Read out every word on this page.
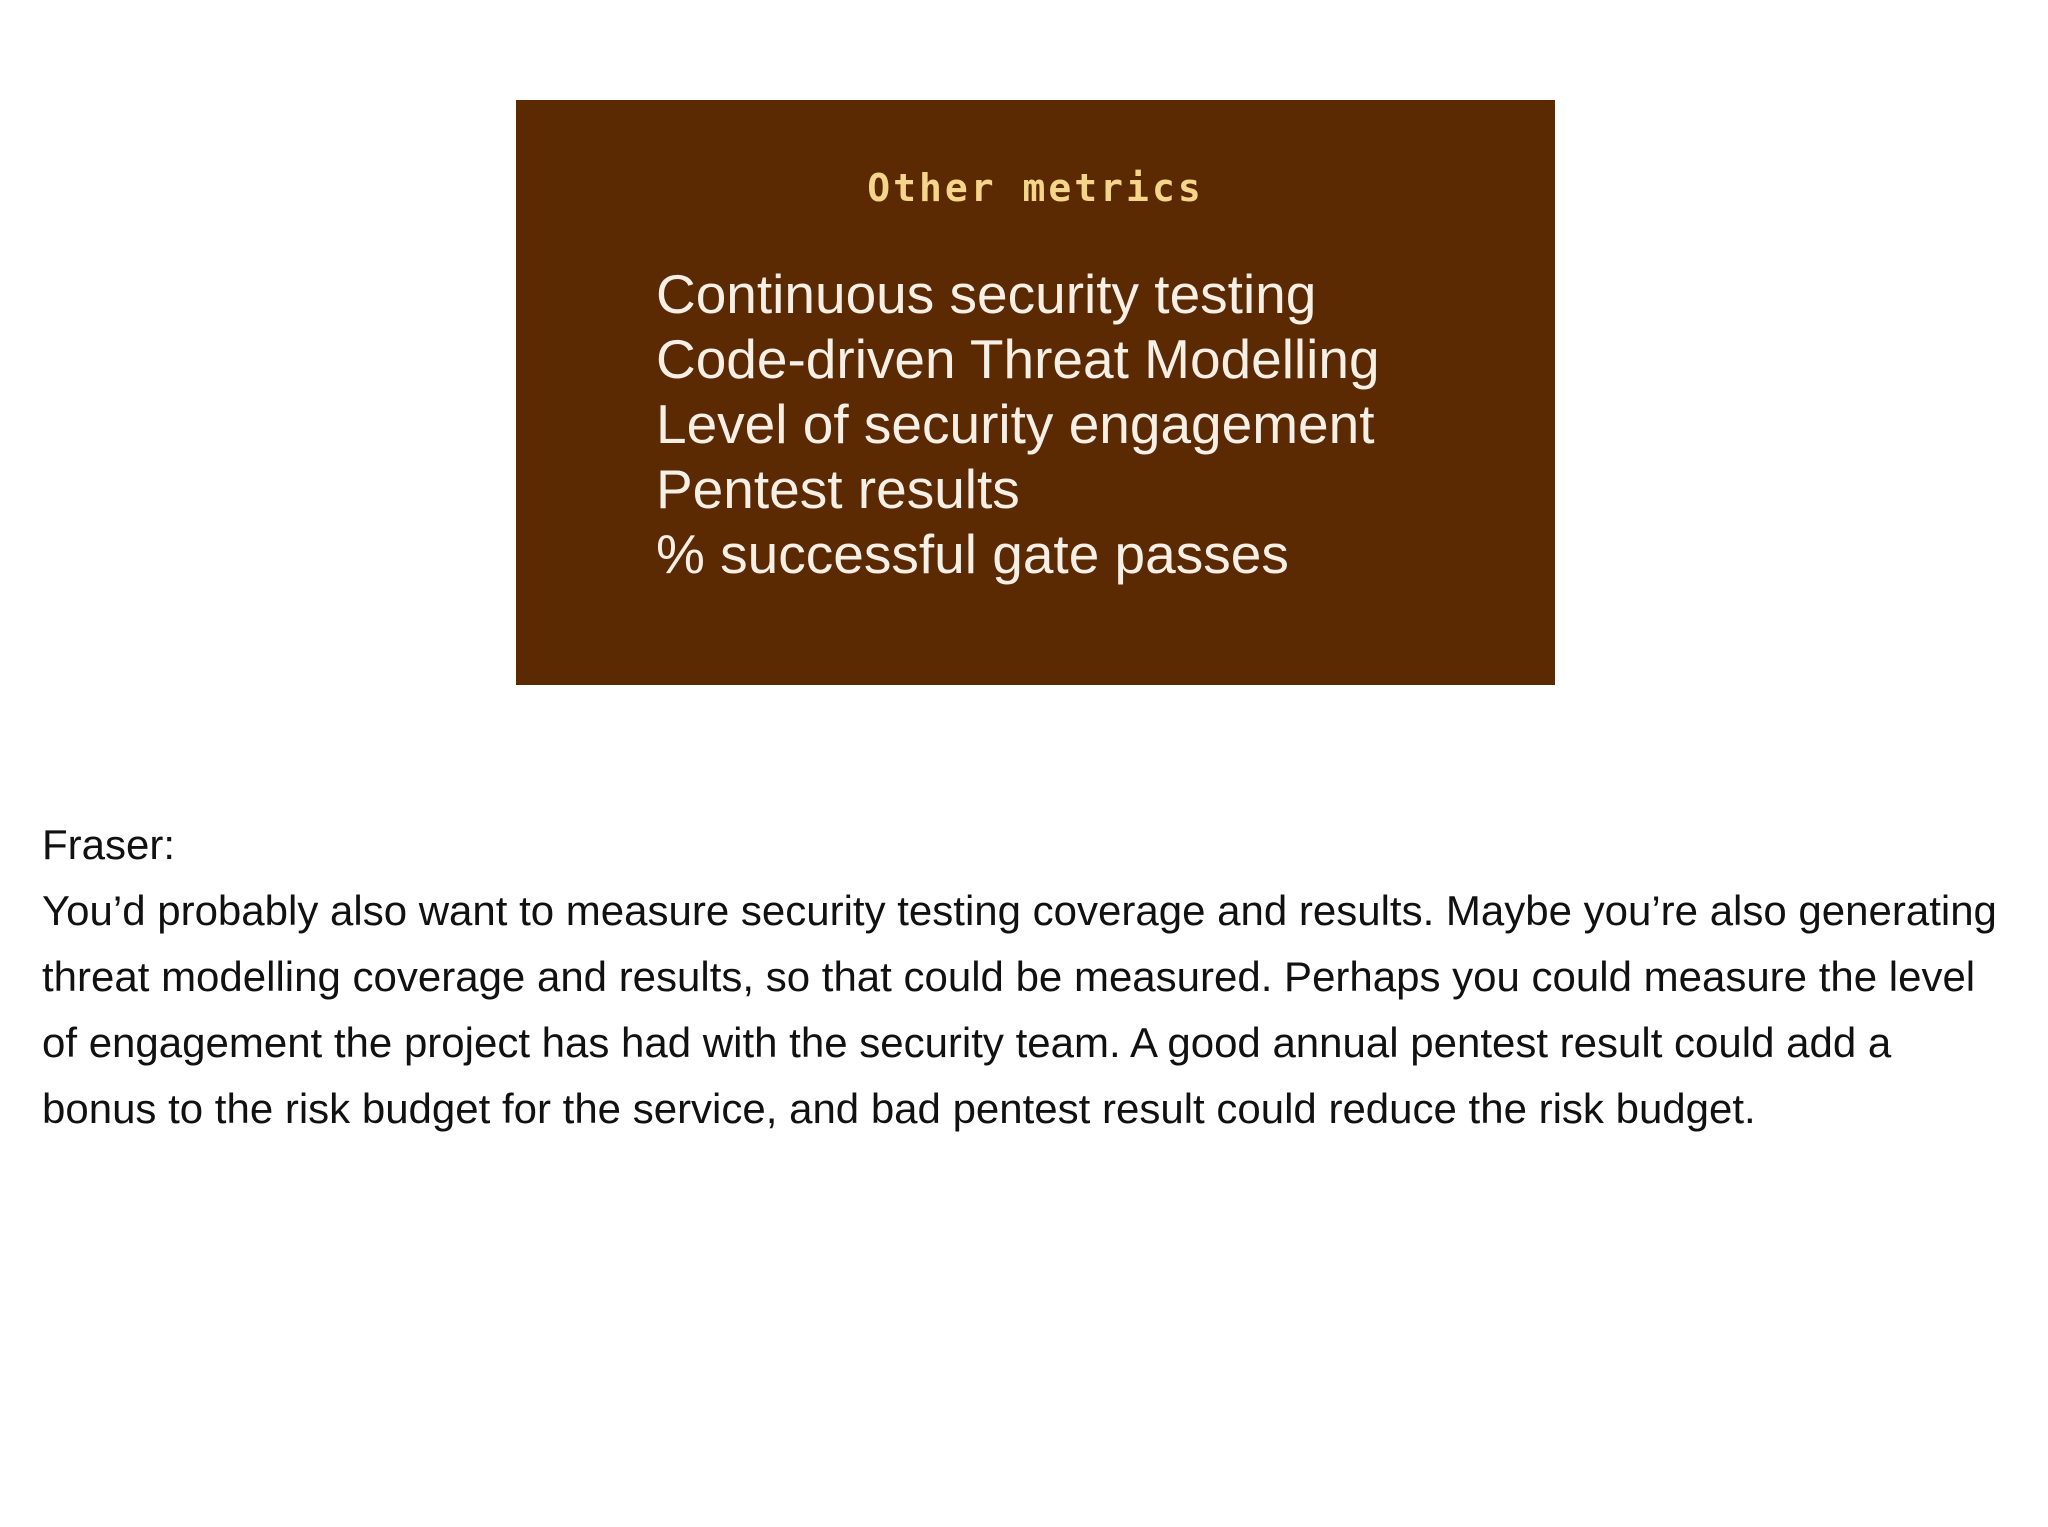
Other metrics
Continuous security testing
Code-driven Threat Modelling
Level of security engagement
Pentest results
% successful gate passes

Fraser:

You’d probably also want to measure security testing coverage and results. Maybe you’re also generating threat modelling coverage and results, so that could be measured. Perhaps you could measure the level of engagement the project has had with the security team. A good annual pentest result could add a bonus to the risk budget for the service, and bad pentest result could reduce the risk budget.
